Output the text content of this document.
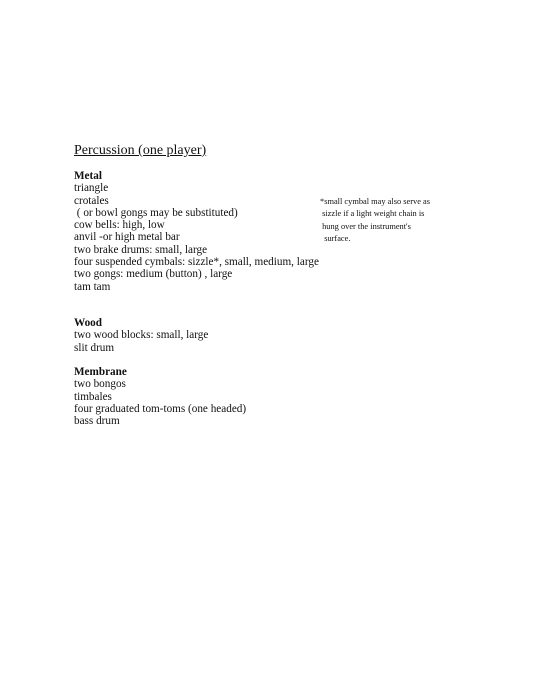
Percussion (one player)
Metal
triangle
crotales
( or bowl gongs may be substituted)
cow bells: high, low
anvil -or high metal bar
two brake drums: small, large
four suspended cymbals: sizzle*, small, medium, large
two gongs: medium (button) , large
tam tam
Wood
two wood blocks: small, large
slit drum
Membrane
two bongos
timbales
four graduated tom-toms (one headed)
bass drum
*small cymbal may also serve as
sizzle if a light weight chain is
hung over the instrument's
surface.
